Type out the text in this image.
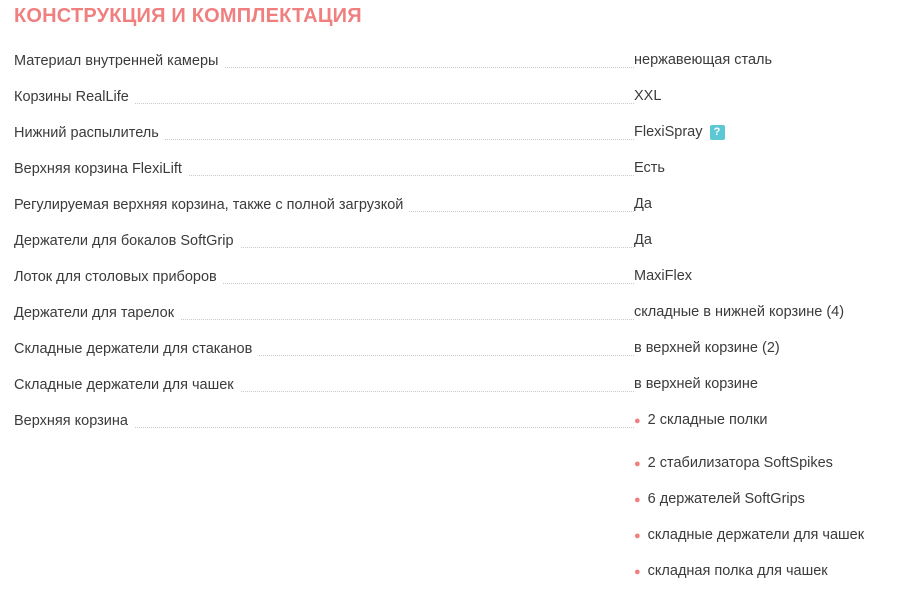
КОНСТРУКЦИЯ И КОМПЛЕКТАЦИЯ
Материал внутренней камеры	нержавеющая сталь
Корзины RealLife	XXL
Нижний распылитель	FlexiSpray	?
Верхняя корзина FlexiLift	Есть
Регулируемая верхняя корзина, также с полной загрузкой	Да
Держатели для бокалов SoftGrip	Да
Лоток для столовых приборов	MaxiFlex
Держатели для тарелок	складные в нижней корзине (4)
Складные держатели для стаканов	в верхней корзине (2)
Складные держатели для чашек	в верхней корзине
Верхняя корзина	● 2 складные полки
● 2 стабилизатора SoftSpikes
● 6 держателей SoftGrips
● складные держатели для чашек
● складная полка для чашек
